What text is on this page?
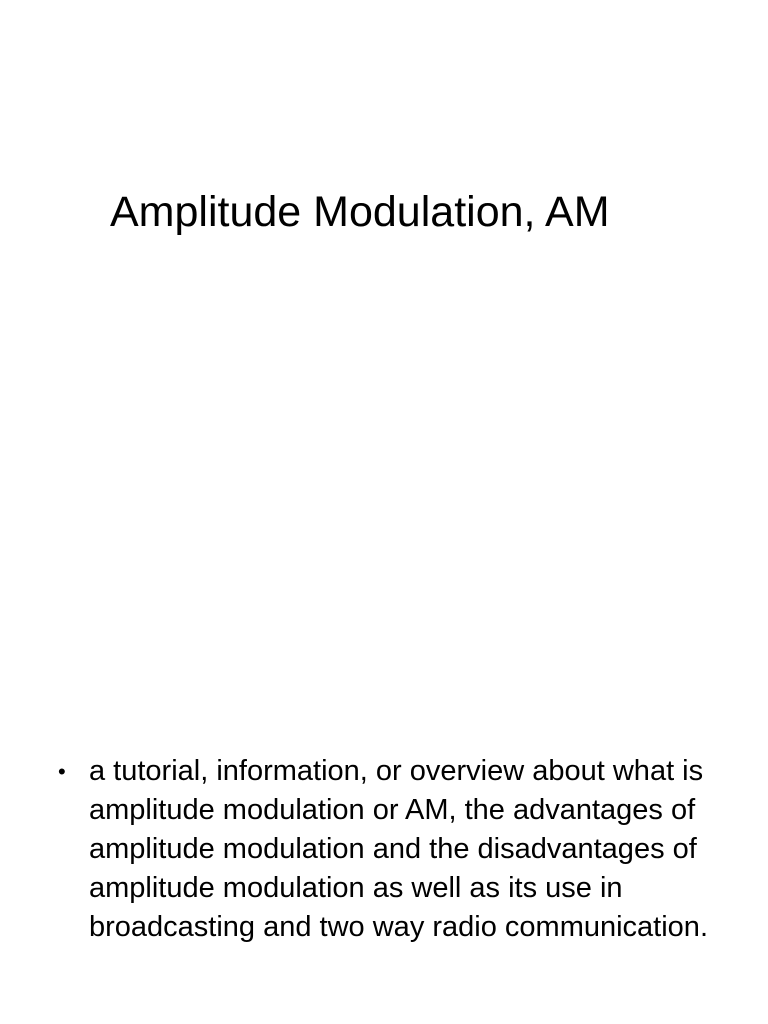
Amplitude Modulation, AM
• a tutorial, information, or overview about what is amplitude modulation or AM, the advantages of amplitude modulation and the disadvantages of amplitude modulation as well as its use in broadcasting and two way radio communication.
